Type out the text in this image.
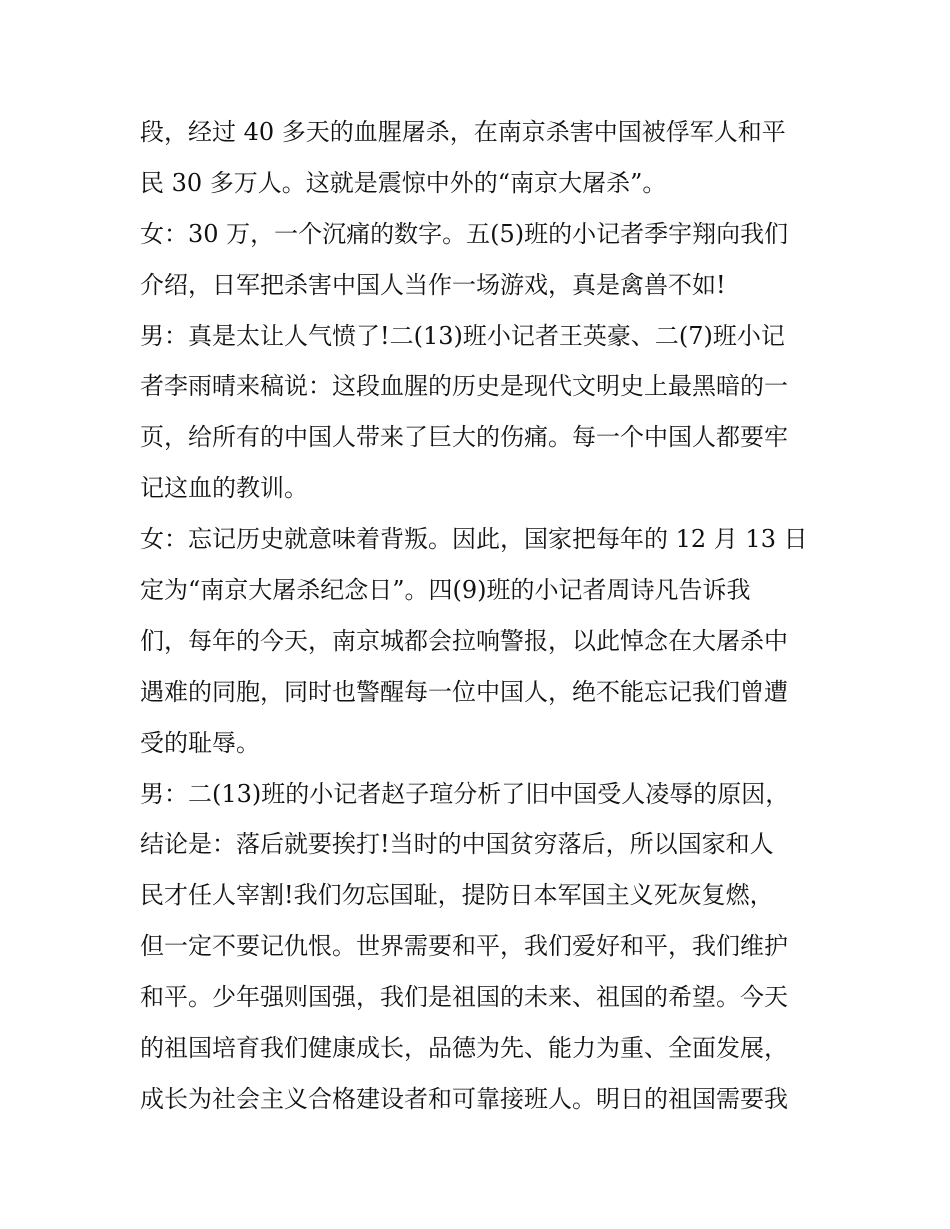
段，经过 40 多天的血腥屠杀，在南京杀害中国被俘军人和平
民 30 多万人。这就是震惊中外的“南京大屠杀”。
女：30 万，一个沉痛的数字。五(5)班的小记者季宇翔向我们
介绍，日军把杀害中国人当作一场游戏，真是禽兽不如!
男：真是太让人气愤了!二(13)班小记者王英豪、二(7)班小记
者李雨晴来稿说：这段血腥的历史是现代文明史上最黑暗的一
页，给所有的中国人带来了巨大的伤痛。每一个中国人都要牢
记这血的教训。
女：忘记历史就意味着背叛。因此，国家把每年的 12 月 13 日
定为“南京大屠杀纪念日”。四(9)班的小记者周诗凡告诉我
们，每年的今天，南京城都会拉响警报，以此悼念在大屠杀中
遇难的同胞，同时也警醒每一位中国人，绝不能忘记我们曾遭
受的耻辱。
男：二(13)班的小记者赵子瑄分析了旧中国受人凌辱的原因，
结论是：落后就要挨打!当时的中国贫穷落后，所以国家和人
民才任人宰割!我们勿忘国耻，提防日本军国主义死灰复燃，
但一定不要记仇恨。世界需要和平，我们爱好和平，我们维护
和平。少年强则国强，我们是祖国的未来、祖国的希望。今天
的祖国培育我们健康成长，品德为先、能力为重、全面发展，
成长为社会主义合格建设者和可靠接班人。明日的祖国需要我
